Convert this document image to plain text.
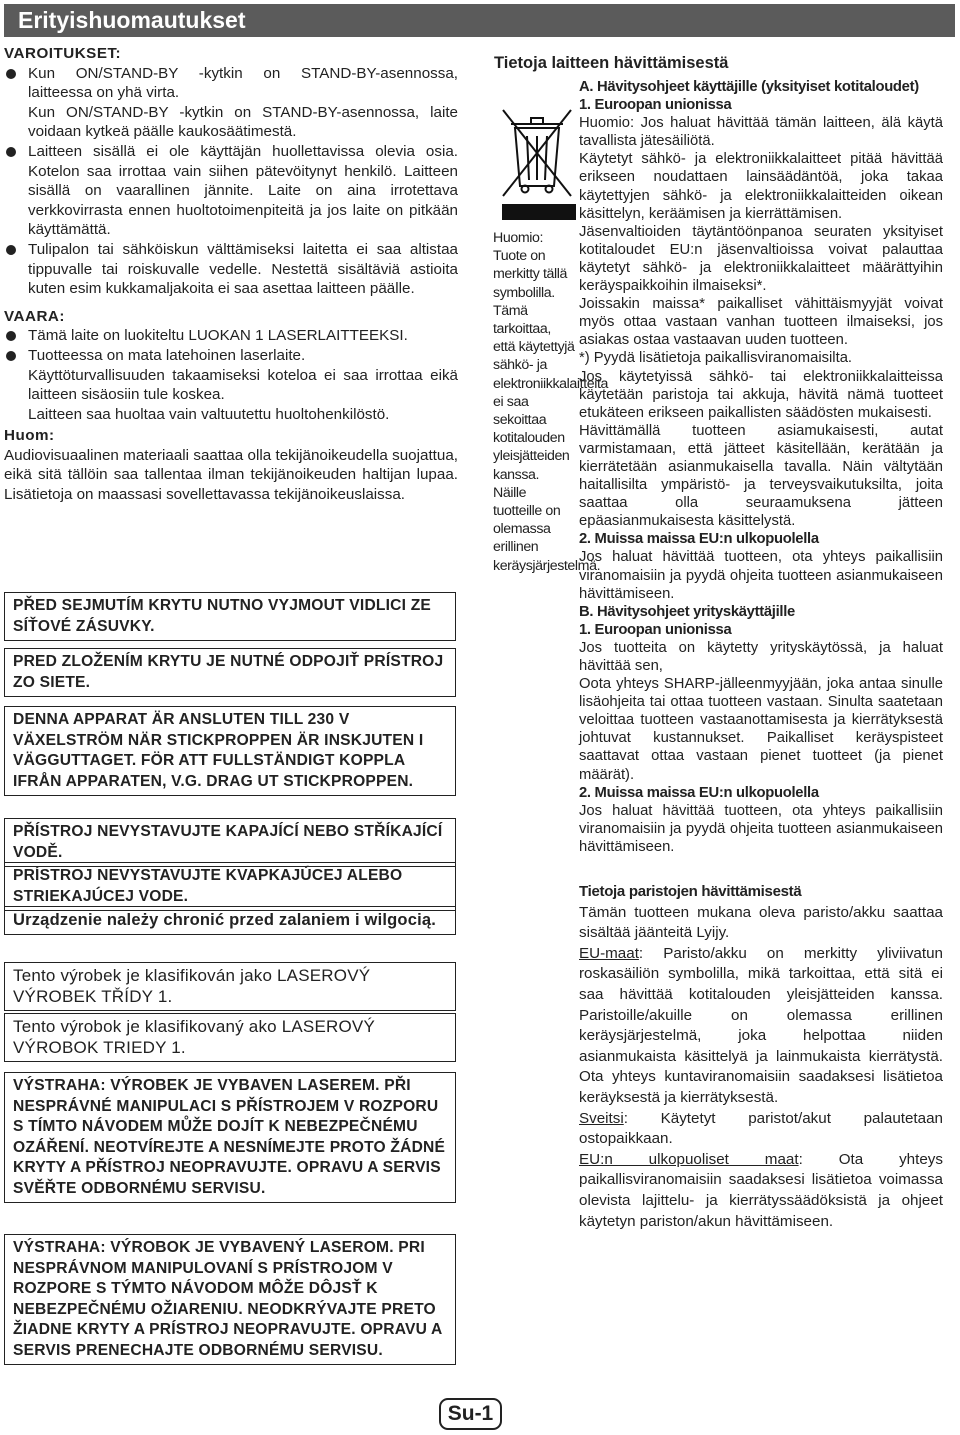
Erityishuomautukset

VAROITUKSET:

Kun ON/STAND-BY -kytkin on STAND-BY-asennossa, laitteessa on yhä virta.

Kun ON/STAND-BY -kytkin on STAND-BY-asennossa, laite voidaan kytkeä päälle kaukosäätimestä.

Laitteen sisällä ei ole käyttäjän huollettavissa olevia osia. Kotelon saa irrottaa vain siihen pätevöitynyt henkilö. Laitteen sisällä on vaarallinen jännite. Laite on aina irrotettava verkkovirrasta ennen huoltotoimenpiteitä ja jos laite on pitkään käyttämättä.

Tulipalon tai sähköiskun välttämiseksi laitetta ei saa altistaa tippuvalle tai roiskuvalle vedelle. Nestettä sisältäviä astioita kuten esim kukkamaljakoita ei saa asettaa laitteen päälle.

VAARA:

Tämä laite on luokiteltu LUOKAN 1 LASERLAITTEEKSI.

Tuotteessa on mata latehoinen laserlaite.

Käyttöturvallisuuden takaamiseksi koteloa ei saa irrottaa eikä laitteen sisäosiin tule koskea.

Laitteen saa huoltaa vain valtuutettu huoltohenkilöstö.

Huom:

Audiovisuaalinen materiaali saattaa olla tekijänoikeudella suojattua, eikä sitä tällöin saa tallentaa ilman tekijänoikeuden haltijan lupaa. Lisätietoja on maassasi sovellettavassa tekijänoikeuslaissa.

PŘED SEJMUTÍM KRYTU NUTNO VYJMOUT VIDLICI ZE SÍŤOVÉ ZÁSUVKY.
PRED ZLOŽENÍM KRYTU JE NUTNÉ ODPOJIŤ PRÍSTROJ ZO SIETE.
DENNA APPARAT ÄR ANSLUTEN TILL 230 V VÄXELSTRÖM NÄR STICKPROPPEN ÄR INSKJUTEN I VÄGGUTTAGET. FÖR ATT FULLSTÄNDIGT KOPPLA IFRÅN APPARATEN, V.G. DRAG UT STICKPROPPEN.
PŘÍSTROJ NEVYSTAVUJTE KAPAJÍCÍ NEBO STŘÍKAJÍCÍ VODĚ.
PRÍSTROJ NEVYSTAVUJTE KVAPKAJÚCEJ ALEBO STRIEKAJÚCEJ VODE.
Urządzenie należy chronić przed zalaniem i wilgocią.
Tento výrobek je klasifikován jako LASEROVÝ VÝROBEK TŘÍDY 1.
Tento výrobok je klasifikovaný ako LASEROVÝ VÝROBOK TRIEDY 1.
VÝSTRAHA: VÝROBEK JE VYBAVEN LASEREM. PŘI NESPRÁVNÉ MANIPULACI S PŘÍSTROJEM V ROZPORU S TÍMTO NÁVODEM MŮŽE DOJÍT K NEBEZPEČNÉMU OZÁŘENÍ. NEOTVÍREJTE A NESNÍMEJTE PROTO ŽÁDNÉ KRYTY A PŘÍSTROJ NEOPRAVUJTE. OPRAVU A SERVIS SVĚŘTE ODBORNÉMU SERVISU.
VÝSTRAHA: VÝROBOK JE VYBAVENÝ LASEROM. PRI NESPRÁVNOM MANIPULOVANÍ S PRÍSTROJOM V ROZPORE S TÝMTO NÁVODOM MÔŽE DÔJSŤ K NEBEZPEČNÉMU OŽIARENIU. NEODKRÝVAJTE PRETO ŽIADNE KRYTY A PRÍSTROJ NEOPRAVUJTE. OPRAVU A SERVIS PRENECHAJTE ODBORNÉMU SERVISU.
Tietoja laitteen hävittämisestä

Huomio: Tuote on merkitty tällä symbolilla. Tämä tarkoittaa, että käytettyjä sähkö- ja elektroniikkalaitteita ei saa sekoittaa kotitalouden yleisjätteiden kanssa. Näille tuotteille on olemassa erillinen keräysjärjestelmä.

A. Hävitysohjeet käyttäjille (yksityiset kotitaloudet)

1. Euroopan unionissa

Huomio: Jos haluat hävittää tämän laitteen, älä käytä tavallista jätesäiliötä.

Käytetyt sähkö- ja elektroniikkalaitteet pitää hävittää erikseen noudattaen lainsäädäntöä, joka takaa käytettyjen sähkö- ja elektroniikkalaitteiden oikean käsittelyn, keräämisen ja kierrättämisen.

Jäsenvaltioiden täytäntöönpanoa seuraten yksityiset kotitaloudet EU:n jäsenvaltioissa voivat palauttaa käytetyt sähkö- ja elektroniikkalaitteet määrättyihin keräyspaikkoihin ilmaiseksi*.

Joissakin maissa* paikalliset vähittäismyyjät voivat myös ottaa vastaan vanhan tuotteen ilmaiseksi, jos asiakas ostaa vastaavan uuden tuotteen.

*) Pyydä lisätietoja paikallisviranomaisilta.

Jos käytetyissä sähkö- tai elektroniikkalaitteissa käytetään paristoja tai akkuja, hävitä nämä tuotteet etukäteen erikseen paikallisten säädösten mukaisesti.

Hävittämällä tuotteen asiamukaisesti, autat varmistamaan, että jätteet käsitellään, kerätään ja kierrätetään asianmukaisella tavalla. Näin vältytään haitallisilta ympäristö- ja terveysvaikutuksilta, joita saattaa olla seuraamuksena jätteen epäasianmukaisesta käsittelystä.

2. Muissa maissa EU:n ulkopuolella

Jos haluat hävittää tuotteen, ota yhteys paikallisiin viranomaisiin ja pyydä ohjeita tuotteen asianmukaiseen hävittämiseen.

B. Hävitysohjeet yrityskäyttäjille

1. Euroopan unionissa

Jos tuotteita on käytetty yrityskäytössä, ja haluat hävittää sen,

Oota yhteys SHARP-jälleenmyyjään, joka antaa sinulle lisäohjeita tai ottaa tuotteen vastaan. Sinulta saatetaan veloittaa tuotteen vastaanottamisesta ja kierrätyksestä johtuvat kustannukset. Paikalliset keräyspisteet saattavat ottaa vastaan pienet tuotteet (ja pienet määrät).

2. Muissa maissa EU:n ulkopuolella

Jos haluat hävittää tuotteen, ota yhteys paikallisiin viranomaisiin ja pyydä ohjeita tuotteen asianmukaiseen hävittämiseen.

Tietoja paristojen hävittämisestä

Tämän tuotteen mukana oleva paristo/akku saattaa sisältää jäänteitä Lyijy.

EU-maat: Paristo/akku on merkitty yliviivatun roskasäiliön symbolilla, mikä tarkoittaa, että sitä ei saa hävittää kotitalouden yleisjätteiden kanssa. Paristoille/akuille on olemassa erillinen keräysjärjestelmä, joka helpottaa niiden asianmukaista käsittelyä ja lainmukaista kierrätystä. Ota yhteys kuntaviranomaisiin saadaksesi lisätietoa keräyksestä ja kierrätyksestä.

Sveitsi: Käytetyt paristot/akut palautetaan ostopaikkaan.

EU:n ulkopuoliset maat: Ota yhteys paikallisviranomaisiin saadaksesi lisätietoa voimassa olevista lajittelu- ja kierrätyssäädöksistä ja ohjeet käytetyn pariston/akun hävittämiseen.

Su-1
